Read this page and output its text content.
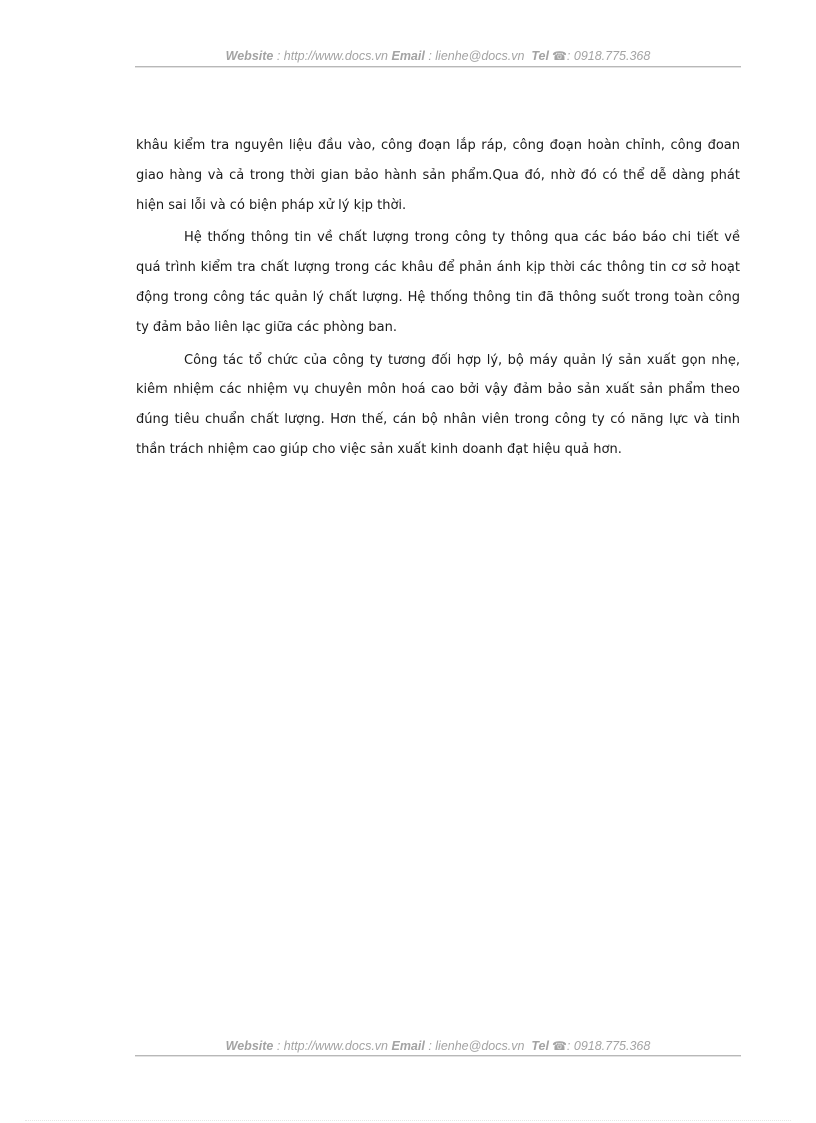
Website : http://www.docs.vn Email : lienhe@docs.vn Tel ☎: 0918.775.368

khâu kiểm tra nguyên liệu đầu vào, công đoạn lắp ráp, công đoạn hoàn chỉnh, công đoan giao hàng và cả trong thời gian bảo hành sản phẩm.Qua đó, nhờ đó có thể dễ dàng phát hiện sai lỗi và có biện pháp xử lý kịp thời.

Hệ thống thông tin về chất lượng trong công ty thông qua các báo báo chi tiết về quá trình kiểm tra chất lượng trong các khâu để phản ánh kịp thời các thông tin cơ sở hoạt động trong công tác quản lý chất lượng. Hệ thống thông tin đã thông suốt trong toàn công ty đảm bảo liên lạc giữa các phòng ban.

Công tác tổ chức của công ty tương đối hợp lý, bộ máy quản lý sản xuất gọn nhẹ, kiêm nhiệm các nhiệm vụ chuyên môn hoá cao bởi vậy đảm bảo sản xuất sản phẩm theo đúng tiêu chuẩn chất lượng. Hơn thế, cán bộ nhân viên trong công ty có năng lực và tinh thần trách nhiệm cao giúp cho việc sản xuất kinh doanh đạt hiệu quả hơn.

Website : http://www.docs.vn Email : lienhe@docs.vn Tel ☎: 0918.775.368
